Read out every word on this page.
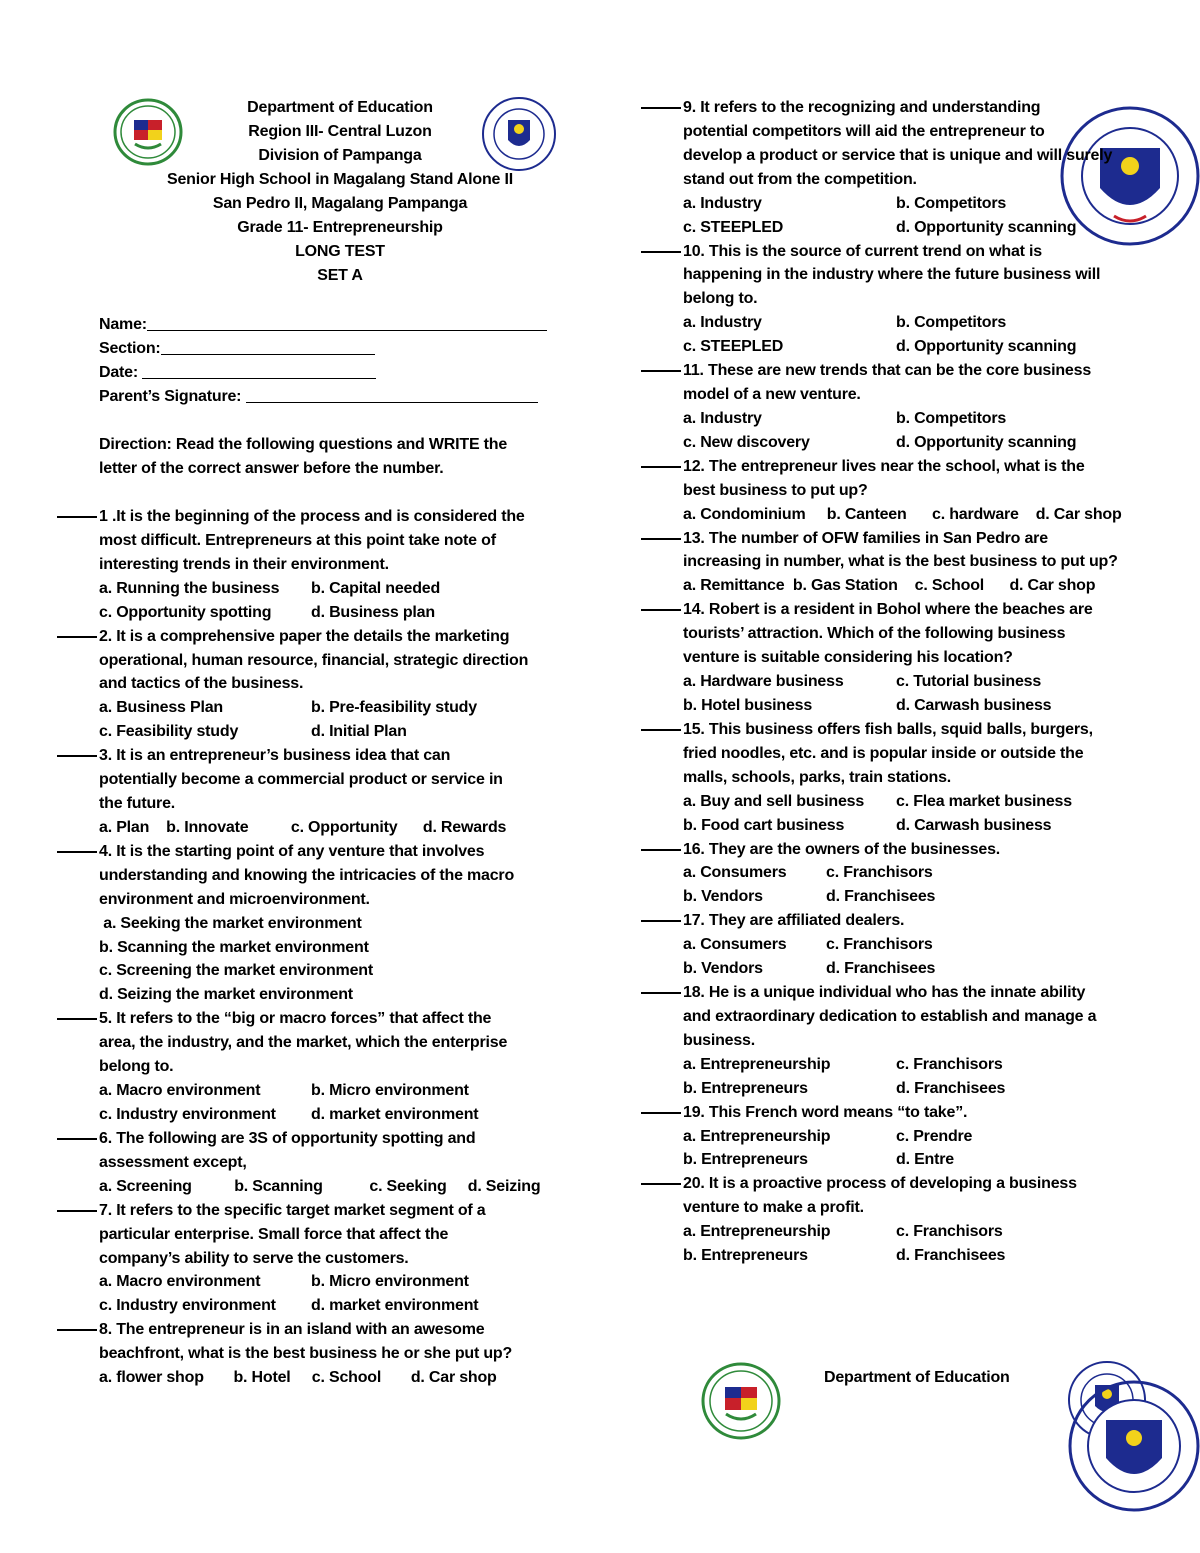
Department of Education
Region III- Central Luzon
Division of Pampanga
Senior High School in Magalang Stand Alone II
San Pedro II, Magalang Pampanga
Grade 11- Entrepreneurship
LONG TEST
SET A
Name:
Section:
Date:
Parent’s Signature:
Direction: Read the following questions and WRITE the
letter of the correct answer before the number.
1 .It is the beginning of the process and is considered the
most difficult. Entrepreneurs at this point take note of
interesting trends in their environment.
a. Running the business b. Capital needed
c. Opportunity spotting d. Business plan
2. It is a comprehensive paper the details the marketing
operational, human resource, financial, strategic direction
and tactics of the business.
a. Business Plan	b. Pre-feasibility study
c. Feasibility study	d. Initial Plan
3. It is an entrepreneur’s business idea that can
potentially become a commercial product or service in
the future.
a. Plan    b. Innovate          c. Opportunity      d. Rewards
4. It is the starting point of any venture that involves
understanding and knowing the intricacies of the macro
environment and microenvironment.
a. Seeking the market environment
b. Scanning the market environment
c. Screening the market environment
d. Seizing the market environment
5. It refers to the “big or macro forces” that affect the
area, the industry, and the market, which the enterprise
belong to.
a. Macro environment	b. Micro environment
c. Industry environment d. market environment
6. The following are 3S of opportunity spotting and
assessment except,
a. Screening          b. Scanning           c. Seeking     d. Seizing
7. It refers to the specific target market segment of a
particular enterprise. Small force that affect the
company’s ability to serve the customers.
a. Macro environment	b. Micro environment
c. Industry environment d. market environment
8. The entrepreneur is in an island with an awesome
beachfront, what is the best business he or she put up?
a. flower shop       b. Hotel     c. School       d. Car shop
9. It refers to the recognizing and understanding
potential competitors will aid the entrepreneur to
develop a product or service that is unique and will surely
stand out from the competition.
a. Industry	b. Competitors
c. STEEPLED	d. Opportunity scanning
10. This is the source of current trend on what is
happening in the industry where the future business will
belong to.
a. Industry	b. Competitors
c. STEEPLED	d. Opportunity scanning
11. These are new trends that can be the core business
model of a new venture.
a. Industry	b. Competitors
c. New discovery	d. Opportunity scanning
12. The entrepreneur lives near the school, what is the
best business to put up?
a. Condominium     b. Canteen      c. hardware    d. Car shop
13. The number of OFW families in San Pedro are
increasing in number, what is the best business to put up?
a. Remittance  b. Gas Station    c. School      d. Car shop
14. Robert is a resident in Bohol where the beaches are
tourists’ attraction. Which of the following business
venture is suitable considering his location?
a. Hardware business	c. Tutorial business
b. Hotel business	d. Carwash business
15. This business offers fish balls, squid balls, burgers,
fried noodles, etc. and is popular inside or outside the
malls, schools, parks, train stations.
a. Buy and sell business c. Flea market business
b. Food cart business	d. Carwash business
16. They are the owners of the businesses.
a. Consumers c. Franchisors
b. Vendors	d. Franchisees
17. They are affiliated dealers.
a. Consumers c. Franchisors
b. Vendors	d. Franchisees
18. He is a unique individual who has the innate ability
and extraordinary dedication to establish and manage a
business.
a. Entrepreneurship	c. Franchisors
b. Entrepreneurs	d. Franchisees
19. This French word means “to take”.
a. Entrepreneurship	c. Prendre
b. Entrepreneurs	d. Entre
20. It is a proactive process of developing a business
venture to make a profit.
a. Entrepreneurship	c. Franchisors
b. Entrepreneurs	d. Franchisees
Department of Education
